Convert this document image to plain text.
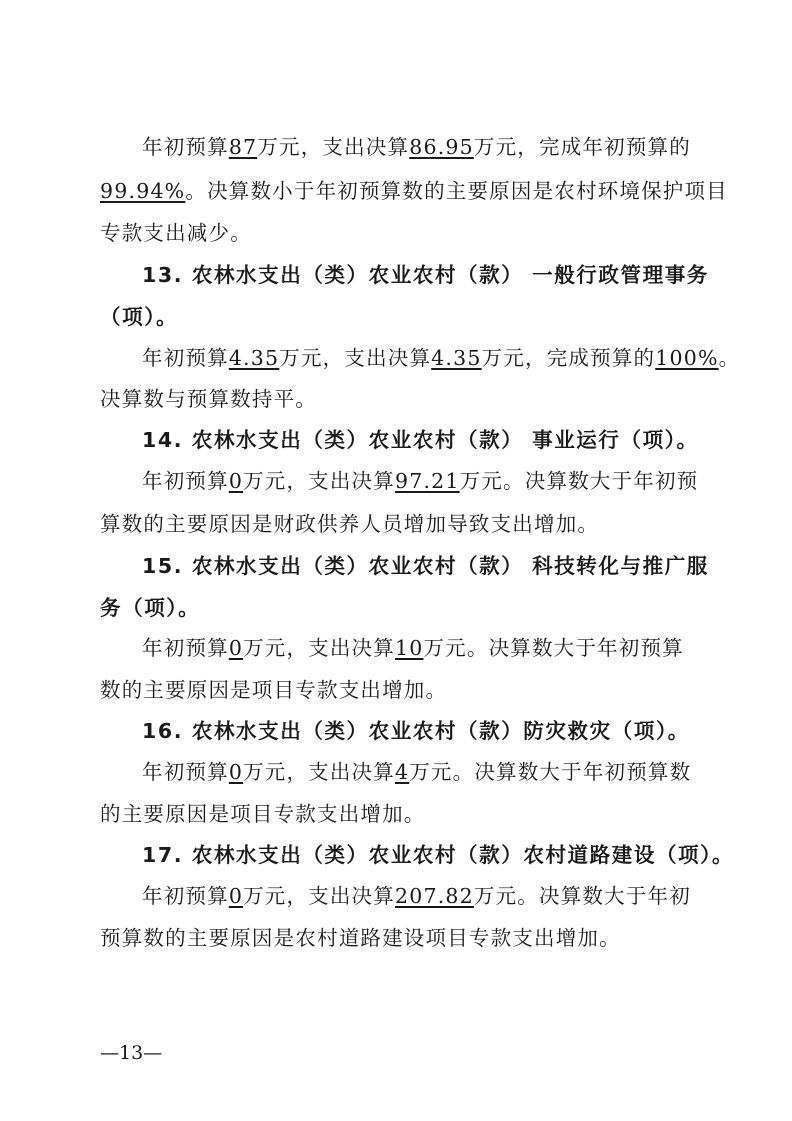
年初预算87万元，支出决算86.95万元，完成年初预算的
99.94%。决算数小于年初预算数的主要原因是农村环境保护项目
专款支出减少。
13. 农林水支出（类）农业农村（款） 一般行政管理事务
（项）。
年初预算4.35万元，支出决算4.35万元，完成预算的100%。
决算数与预算数持平。
14. 农林水支出（类）农业农村（款） 事业运行（项）。
年初预算0万元，支出决算97.21万元。决算数大于年初预
算数的主要原因是财政供养人员增加导致支出增加。
15. 农林水支出（类）农业农村（款） 科技转化与推广服
务（项）。
年初预算0万元，支出决算10万元。决算数大于年初预算
数的主要原因是项目专款支出增加。
16. 农林水支出（类）农业农村（款）防灾救灾（项）。
年初预算0万元，支出决算4万元。决算数大于年初预算数
的主要原因是项目专款支出增加。
17. 农林水支出（类）农业农村（款）农村道路建设（项）。
年初预算0万元，支出决算207.82万元。决算数大于年初
预算数的主要原因是农村道路建设项目专款支出增加。
—13—
